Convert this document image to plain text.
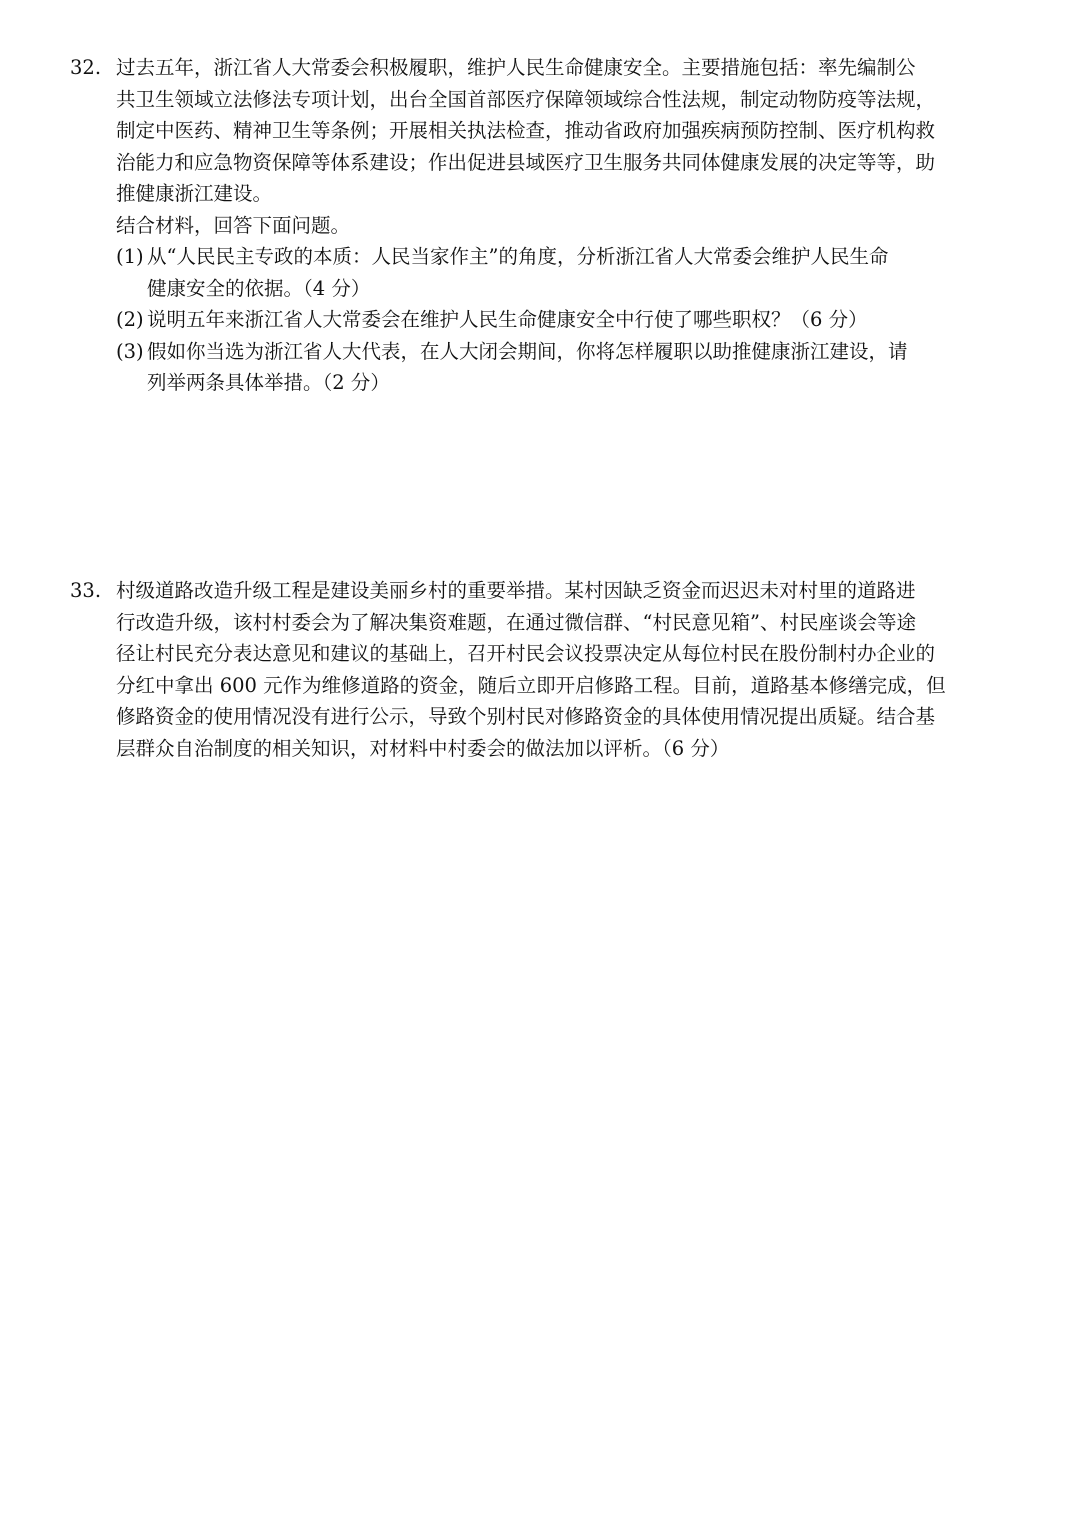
32. 过去五年，浙江省人大常委会积极履职，维护人民生命健康安全。主要措施包括：率先编制公
共卫生领域立法修法专项计划，出台全国首部医疗保障领域综合性法规，制定动物防疫等法规，
制定中医药、精神卫生等条例；开展相关执法检查，推动省政府加强疾病预防控制、医疗机构救
治能力和应急物资保障等体系建设；作出促进县域医疗卫生服务共同体健康发展的决定等等，助
推健康浙江建设。
结合材料，回答下面问题。
(1) 从“人民民主专政的本质：人民当家作主”的角度，分析浙江省人大常委会维护人民生命
健康安全的依据。（4 分）
(2) 说明五年来浙江省人大常委会在维护人民生命健康安全中行使了哪些职权？（6 分）
(3) 假如你当选为浙江省人大代表，在人大闭会期间，你将怎样履职以助推健康浙江建设，请
列举两条具体举措。（2 分）
33. 村级道路改造升级工程是建设美丽乡村的重要举措。某村因缺乏资金而迟迟未对村里的道路进
行改造升级，该村村委会为了解决集资难题，在通过微信群、“村民意见箱”、村民座谈会等途
径让村民充分表达意见和建议的基础上，召开村民会议投票决定从每位村民在股份制村办企业的
分红中拿出 600 元作为维修道路的资金，随后立即开启修路工程。目前，道路基本修缮完成，但
修路资金的使用情况没有进行公示，导致个别村民对修路资金的具体使用情况提出质疑。结合基
层群众自治制度的相关知识，对材料中村委会的做法加以评析。（6 分）
